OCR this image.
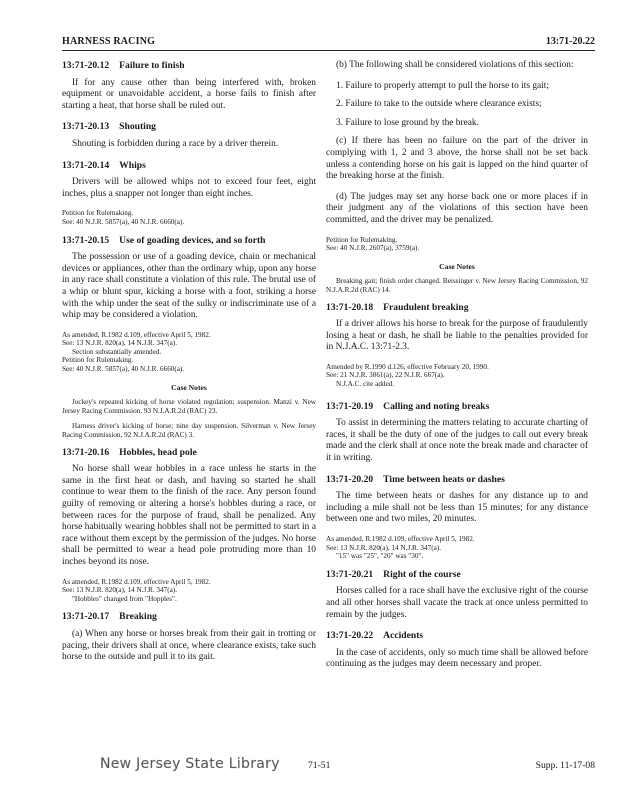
HARNESS RACING	13:71-20.22
13:71-20.12 Failure to finish

If for any cause other than being interfered with, broken equipment or unavoidable accident, a horse fails to finish after starting a heat, that horse shall be ruled out.

13:71-20.13 Shouting

Shouting is forbidden during a race by a driver therein.

13:71-20.14 Whips

Drivers will be allowed whips not to exceed four feet, eight inches, plus a snapper not longer than eight inches.

Petition for Rulemaking.
See: 40 N.J.R. 5857(a), 40 N.J.R. 6660(a).
13:71-20.15 Use of goading devices, and so forth

The possession or use of a goading device, chain or mechanical devices or appliances, other than the ordinary whip, upon any horse in any race shall constitute a violation of this rule. The brutal use of a whip or blunt spur, kicking a horse with a foot, striking a horse with the whip under the seat of the sulky or indiscriminate use of a whip may be considered a violation.

As amended, R.1982 d.109, effective April 5, 1982.
See: 13 N.J.R. 820(a), 14 N.J.R. 347(a).
Section substantially amended.
Petition for Rulemaking.
See: 40 N.J.R. 5857(a), 40 N.J.R. 6660(a).
Case Notes

Jockey's repeated kicking of horse violated regulation; suspension. Manzi v. New Jersey Racing Commission, 93 N.J.A.R.2d (RAC) 23.

Harness driver's kicking of horse; nine day suspension. Silverman v. New Jersey Racing Commission, 92 N.J.A.R.2d (RAC) 3.

13:71-20.16 Hobbles, head pole

No horse shall wear hobbles in a race unless he starts in the same in the first heat or dash, and having so started he shall continue to wear them to the finish of the race. Any person found guilty of removing or altering a horse's hobbles during a race, or between races for the purpose of fraud, shall be penalized. Any horse habitually wearing hobbles shall not be permitted to start in a race without them except by the permission of the judges. No horse shall be permitted to wear a head pole protruding more than 10 inches beyond its nose.

As amended, R.1982 d.109, effective April 5, 1982.
See: 13 N.J.R. 820(a), 14 N.J.R. 347(a).
"Hobbles" changed from "Hopples".
13:71-20.17 Breaking

(a) When any horse or horses break from their gait in trotting or pacing, their drivers shall at once, where clearance exists, take such horse to the outside and pull it to its gait.

(b) The following shall be considered violations of this section:

1. Failure to properly attempt to pull the horse to its gait;

2. Failure to take to the outside where clearance exists;

3. Failure to lose ground by the break.

(c) If there has been no failure on the part of the driver in complying with 1, 2 and 3 above, the horse shall not be set back unless a contending horse on his gait is lapped on the hind quarter of the breaking horse at the finish.

(d) The judges may set any horse back one or more places if in their judgment any of the violations of this section have been committed, and the driver may be penalized.

Petition for Rulemaking.
See: 40 N.J.R. 2607(a), 3759(a).
Case Notes

Breaking gait; finish order changed. Beissinger v. New Jersey Racing Commission, 92 N.J.A.R.2d (RAC) 14.

13:71-20.18 Fraudulent breaking

If a driver allows his horse to break for the purpose of fraudulently losing a heat or dash, he shall be liable to the penalties provided for in N.J.A.C. 13:71-2.3.

Amended by R.1990 d.126, effective February 20, 1990.
See: 21 N.J.R. 3861(a), 22 N.J.R. 667(a).
N.J.A.C. cite added.
13:71-20.19 Calling and noting breaks

To assist in determining the matters relating to accurate charting of races, it shall be the duty of one of the judges to call out every break made and the clerk shall at once note the break made and character of it in writing.

13:71-20.20 Time between heats or dashes

The time between heats or dashes for any distance up to and including a mile shall not be less than 15 minutes; for any distance between one and two miles, 20 minutes.

As amended, R.1982 d.109, effective April 5, 1982.
See: 13 N.J.R. 820(a), 14 N.J.R. 347(a).
"15" was "25", "20" was "30".
13:71-20.21 Right of the course

Horses called for a race shall have the exclusive right of the course and all other horses shall vacate the track at once unless permitted to remain by the judges.

13:71-20.22 Accidents

In the case of accidents, only so much time shall be allowed before continuing as the judges may deem necessary and proper.

New Jersey State Library	71-51	Supp. 11-17-08
